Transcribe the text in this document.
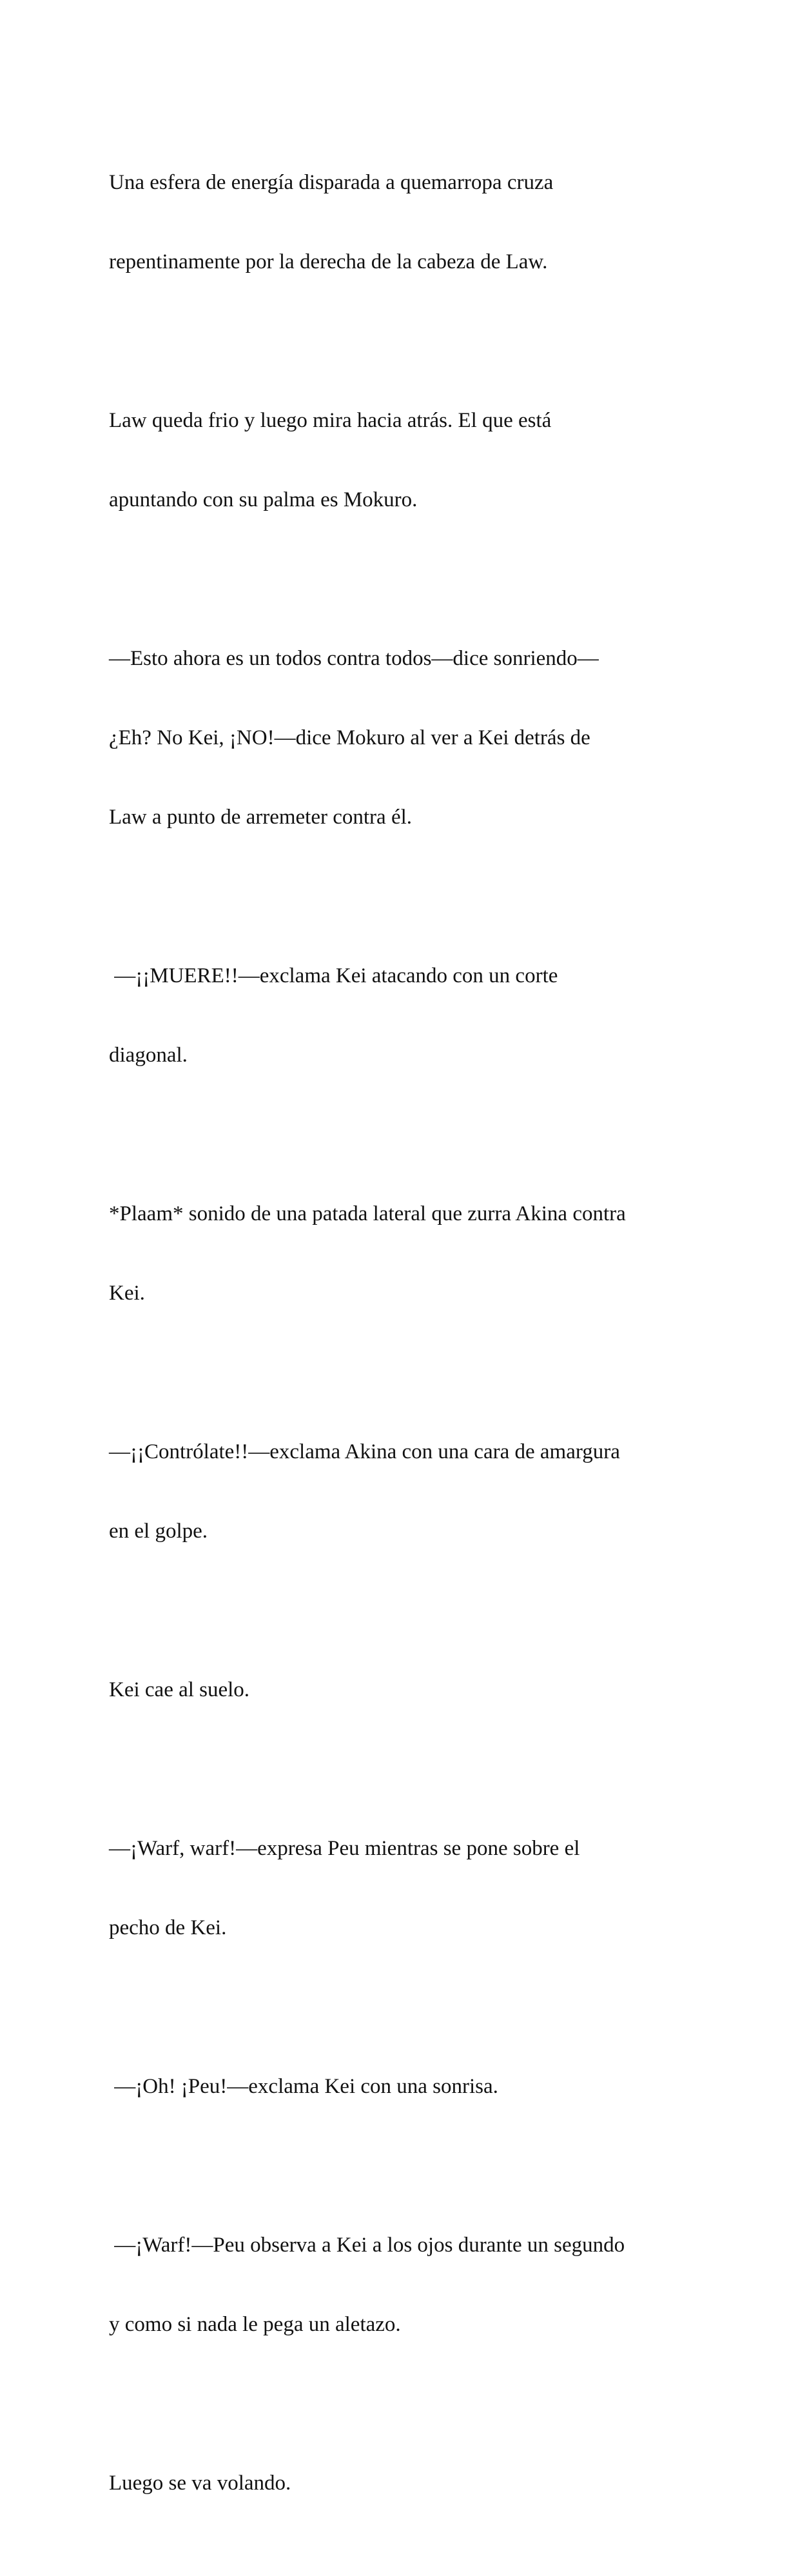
Una esfera de energía disparada a quemarropa cruza

repentinamente por la derecha de la cabeza de Law.

Law queda frio y luego mira hacia atrás. El que está

apuntando con su palma es Mokuro.

—Esto ahora es un todos contra todos—dice sonriendo—

¿Eh? No Kei, ¡NO!—dice Mokuro al ver a Kei detrás de

Law a punto de arremeter contra él.

—¡¡MUERE!!—exclama Kei atacando con un corte

diagonal.

*Plaam* sonido de una patada lateral que zurra Akina contra

Kei.

—¡¡Contrólate!!—exclama Akina con una cara de amargura

en el golpe.

Kei cae al suelo.

—¡Warf, warf!—expresa Peu mientras se pone sobre el

pecho de Kei.

—¡Oh! ¡Peu!—exclama Kei con una sonrisa.

—¡Warf!—Peu observa a Kei a los ojos durante un segundo

y como si nada le pega un aletazo.

Luego se va volando.
